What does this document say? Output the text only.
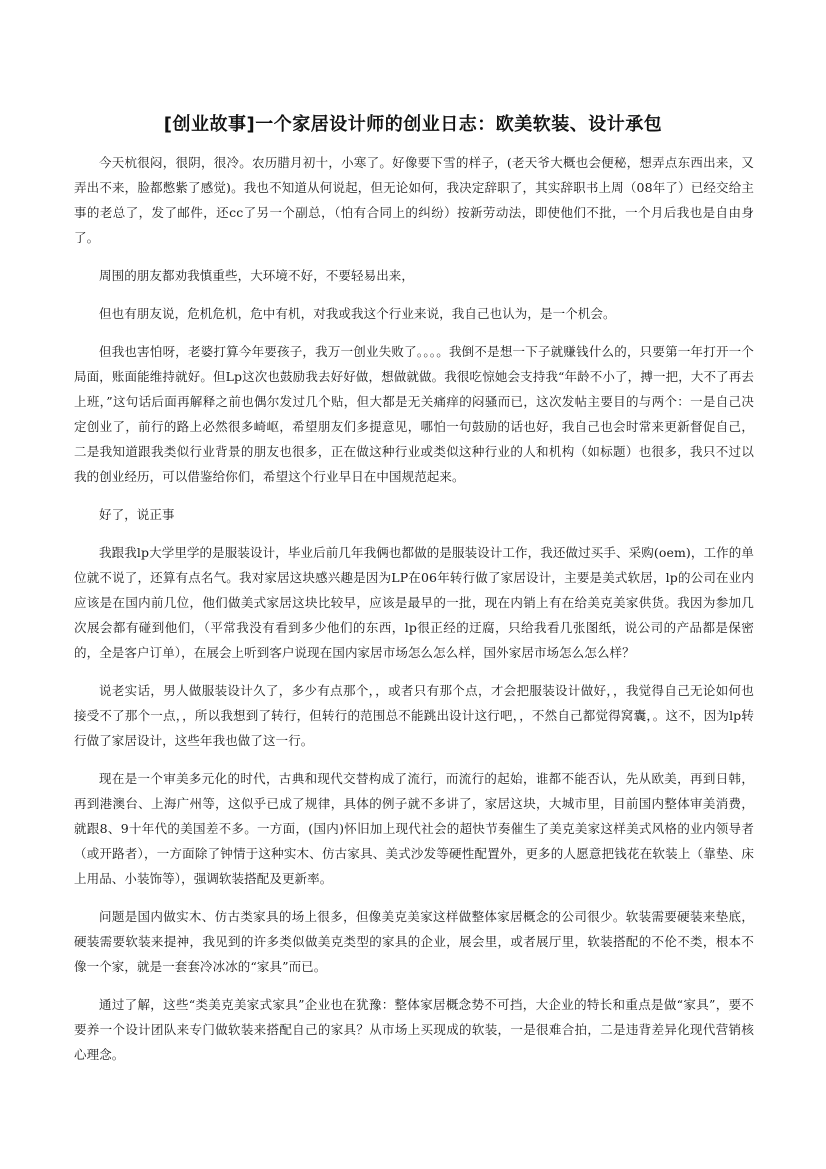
[创业故事]一个家居设计师的创业日志：欧美软装、设计承包

今天杭很闷，很阴，很冷。农历腊月初十，小寒了。好像要下雪的样子，(老天爷大概也会便秘，想弄点东西出来，又弄出不来，脸都憋紫了感觉)。我也不知道从何说起，但无论如何，我决定辞职了，其实辞职书上周（08年了）已经交给主事的老总了，发了邮件，还cc了另一个副总，（怕有合同上的纠纷）按新劳动法，即使他们不批，一个月后我也是自由身了。

周围的朋友都劝我慎重些，大环境不好，不要轻易出来，

但也有朋友说，危机危机，危中有机，对我或我这个行业来说，我自己也认为，是一个机会。

但我也害怕呀，老婆打算今年要孩子，我万一创业失败了。。。。我倒不是想一下子就赚钱什么的，只要第一年打开一个局面，账面能维持就好。但Lp这次也鼓励我去好好做，想做就做。我很吃惊她会支持我“年龄不小了，搏一把，大不了再去上班，”这句话后面再解释之前也偶尔发过几个贴，但大都是无关痛痒的闷骚而已，这次发帖主要目的与两个：一是自己决定创业了，前行的路上必然很多崎岖，希望朋友们多提意见，哪怕一句鼓励的话也好，我自己也会时常来更新督促自己，二是我知道跟我类似行业背景的朋友也很多，正在做这种行业或类似这种行业的人和机构（如标题）也很多，我只不过以我的创业经历，可以借鉴给你们，希望这个行业早日在中国规范起来。

好了，说正事

我跟我lp大学里学的是服装设计，毕业后前几年我俩也都做的是服装设计工作，我还做过买手、采购(oem)，工作的单位就不说了，还算有点名气。我对家居这块感兴趣是因为LP在06年转行做了家居设计，主要是美式软居，lp的公司在业内应该是在国内前几位，他们做美式家居这块比较早，应该是最早的一批，现在内销上有在给美克美家供货。我因为参加几次展会都有碰到他们，（平常我没有看到多少他们的东西，lp很正经的迂腐，只给我看几张图纸，说公司的产品都是保密的，全是客户订单），在展会上听到客户说现在国内家居市场怎么怎么样，国外家居市场怎么怎么样？

说老实话，男人做服装设计久了，多少有点那个，，或者只有那个点，才会把服装设计做好，，我觉得自己无论如何也接受不了那个一点，，所以我想到了转行，但转行的范围总不能跳出设计这行吧，，不然自己都觉得窝囊，。这不，因为lp转行做了家居设计，这些年我也做了这一行。

现在是一个审美多元化的时代，古典和现代交替构成了流行，而流行的起始，谁都不能否认，先从欧美，再到日韩，再到港澳台、上海广州等，这似乎已成了规律，具体的例子就不多讲了，家居这块，大城市里，目前国内整体审美消费，就跟8、9十年代的美国差不多。一方面，(国内)怀旧加上现代社会的超快节奏催生了美克美家这样美式风格的业内领导者（或开路者），一方面除了钟情于这种实木、仿古家具、美式沙发等硬性配置外，更多的人愿意把钱花在软装上（靠垫、床上用品、小装饰等），强调软装搭配及更新率。

问题是国内做实木、仿古类家具的场上很多，但像美克美家这样做整体家居概念的公司很少。软装需要硬装来垫底，硬装需要软装来提神，我见到的许多类似做美克类型的家具的企业，展会里，或者展厅里，软装搭配的不伦不类，根本不像一个家，就是一套套冷冰冰的“家具”而已。

通过了解，这些“类美克美家式家具”企业也在犹豫：整体家居概念势不可挡，大企业的特长和重点是做“家具”，要不要养一个设计团队来专门做软装来搭配自己的家具？从市场上买现成的软装，一是很难合拍，二是违背差异化现代营销核心理念。
